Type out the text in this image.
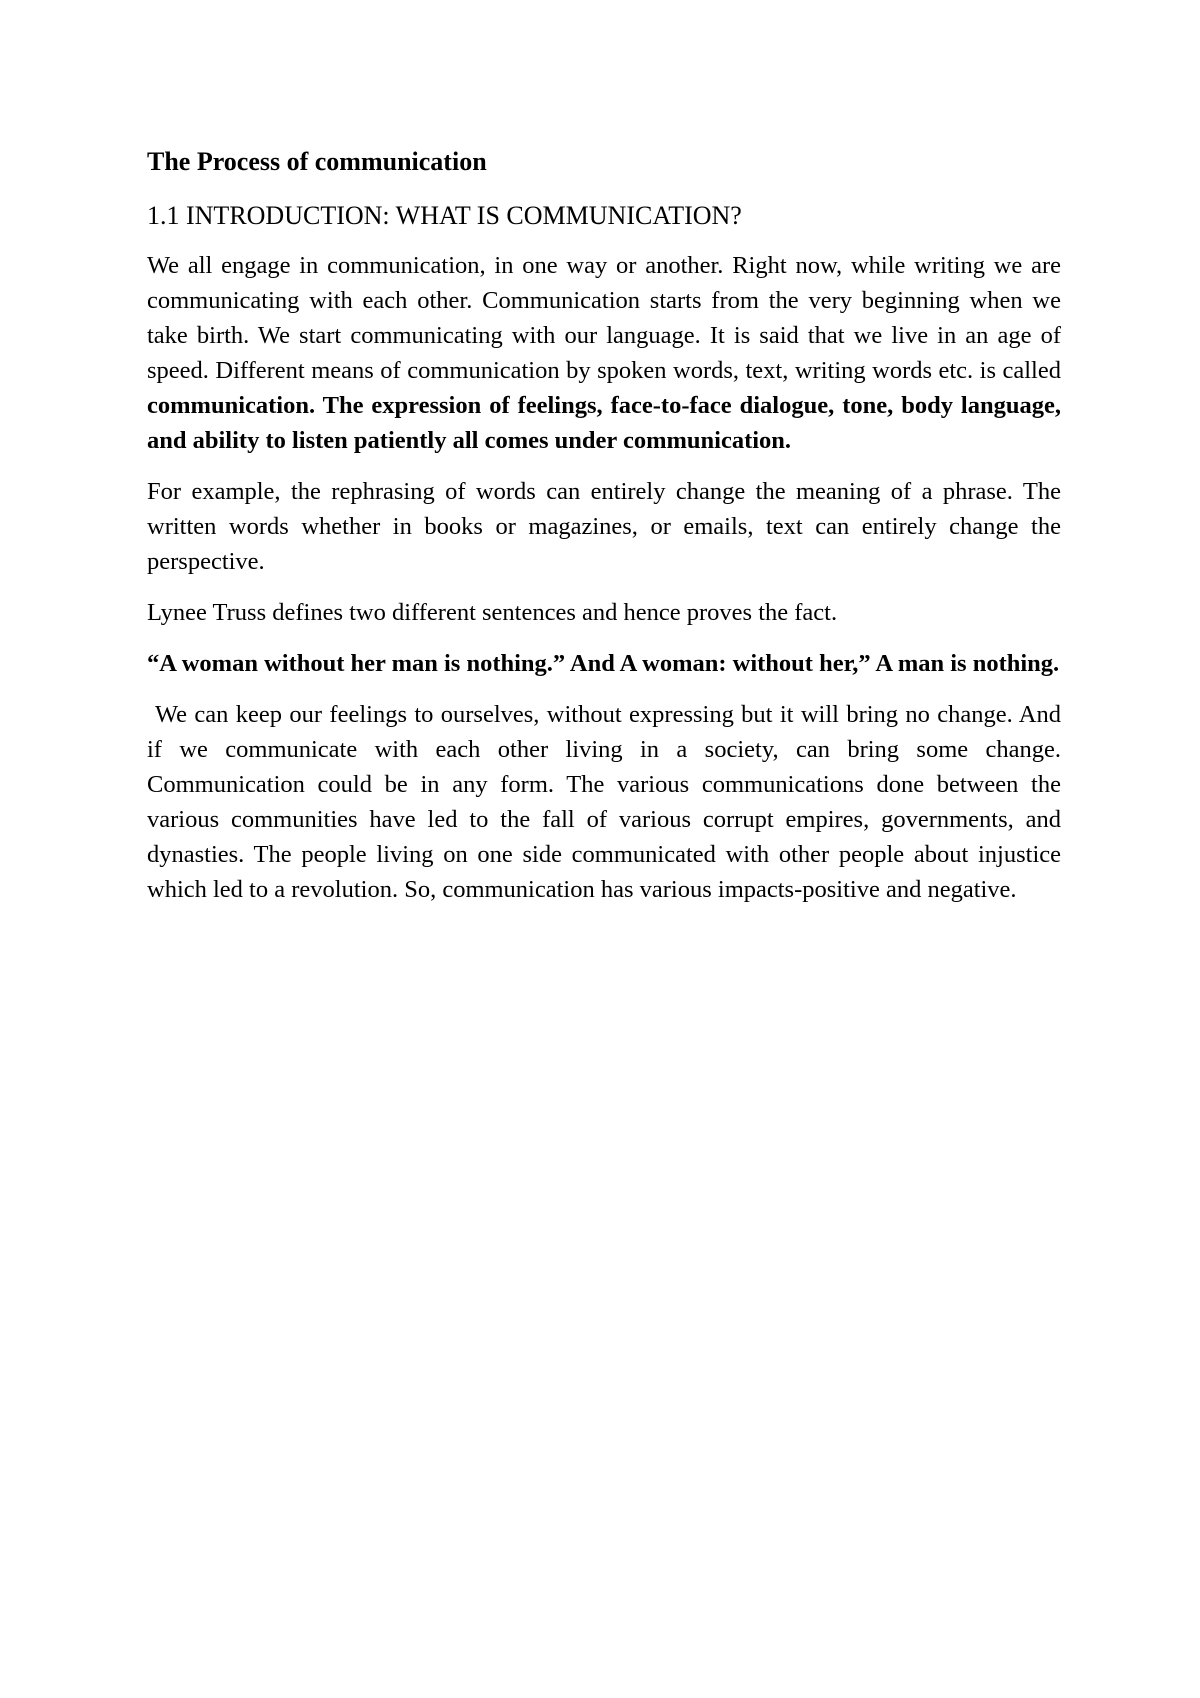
The Process of communication
1.1 INTRODUCTION: WHAT IS COMMUNICATION?

We all engage in communication, in one way or another. Right now, while writing we are communicating with each other. Communication starts from the very beginning when we take birth. We start communicating with our language. It is said that we live in an age of speed. Different means of communication by spoken words, text, writing words etc. is called communication. The expression of feelings, face-to-face dialogue, tone, body language, and ability to listen patiently all comes under communication.

For example, the rephrasing of words can entirely change the meaning of a phrase. The written words whether in books or magazines, or emails, text can entirely change the perspective.

Lynee Truss defines two different sentences and hence proves the fact.

“A woman without her man is nothing.” And A woman: without her,” A man is nothing.

We can keep our feelings to ourselves, without expressing but it will bring no change. And if we communicate with each other living in a society, can bring some change. Communication could be in any form. The various communications done between the various communities have led to the fall of various corrupt empires, governments, and dynasties. The people living on one side communicated with other people about injustice which led to a revolution. So, communication has various impacts-positive and negative.
